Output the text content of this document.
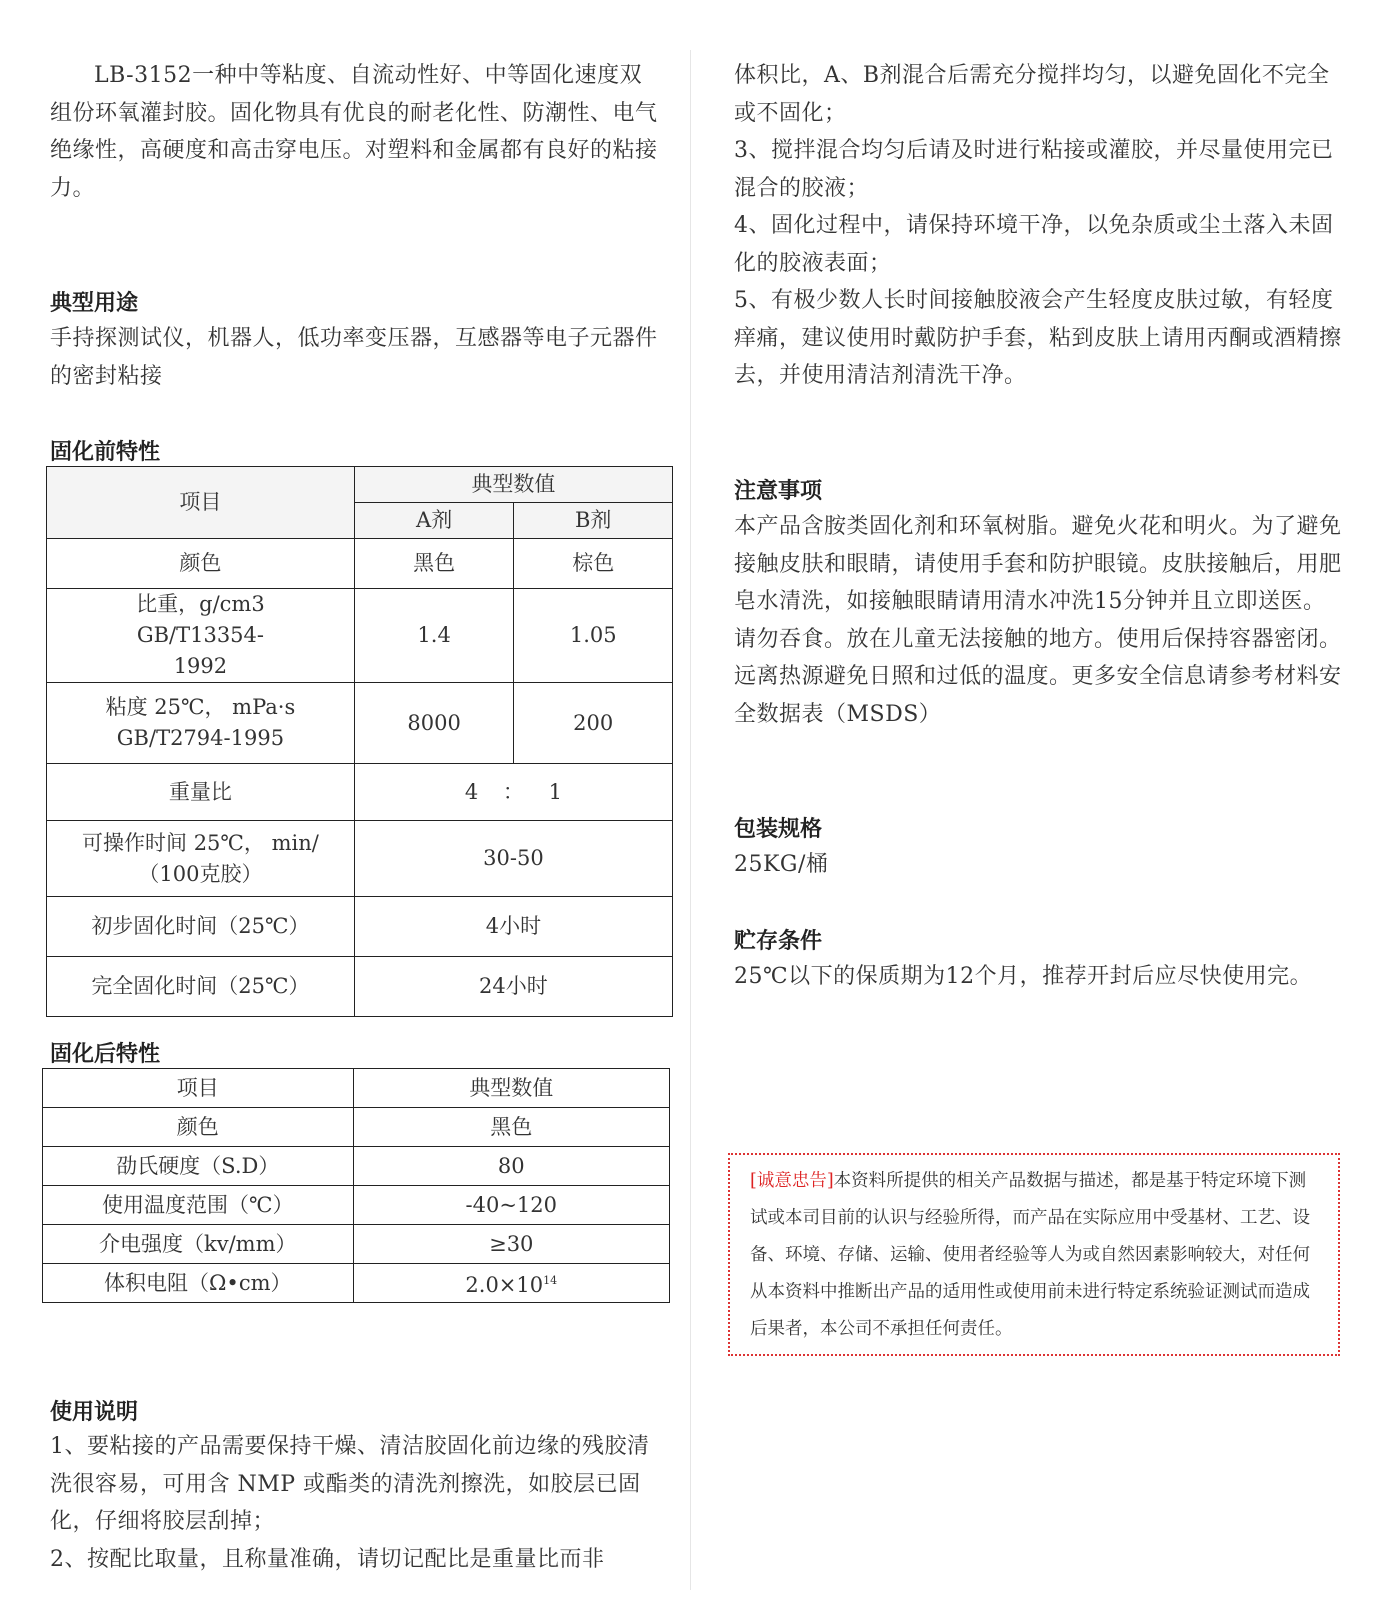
LB-3152一种中等粘度、自流动性好、中等固化速度双组份环氧灌封胶。固化物具有优良的耐老化性、防潮性、电气绝缘性，高硬度和高击穿电压。对塑料和金属都有良好的粘接力。

典型用途

手持探测试仪，机器人，低功率变压器，互感器等电子元器件的密封粘接

固化前特性

项目	典型数值	
	A剂	B剂
颜色	黑色	棕色
比重，g/cm3 GB/T13354-1992	1.4	1.05
粘度 25℃， mPa·s GB/T2794-1995	8000	200
重量比	4 ： 1	
可操作时间 25℃， min/（100克胶）	30-50	
初步固化时间（25℃）	4小时	
完全固化时间（25℃）	24小时	

固化后特性

项目	典型数值
颜色	黑色
劭氏硬度（S.D）	80
使用温度范围（℃）	-40~120
介电强度（kv/mm）	≥30
体积电阻（Ω•cm）	$2.0\times 10^{14}$

使用说明

1、要粘接的产品需要保持干燥、清洁胶固化前边缘的残胶清洗很容易，可用含 NMP 或酯类的清洗剂擦洗，如胶层已固化，仔细将胶层刮掉；
2、按配比取量，且称量准确，请切记配比是重量比而非

体积比，A、B剂混合后需充分搅拌均匀，以避免固化不完全或不固化；
3、搅拌混合均匀后请及时进行粘接或灌胶，并尽量使用完已混合的胶液；
4、固化过程中，请保持环境干净，以免杂质或尘土落入未固化的胶液表面；
5、有极少数人长时间接触胶液会产生轻度皮肤过敏，有轻度痒痛，建议使用时戴防护手套，粘到皮肤上请用丙酮或酒精擦去，并使用清洁剂清洗干净。

注意事项

本产品含胺类固化剂和环氧树脂。避免火花和明火。为了避免接触皮肤和眼睛，请使用手套和防护眼镜。皮肤接触后，用肥皂水清洗，如接触眼睛请用清水冲洗15分钟并且立即送医。请勿吞食。放在儿童无法接触的地方。使用后保持容器密闭。远离热源避免日照和过低的温度。更多安全信息请参考材料安全数据表（MSDS）

包装规格

25KG/桶

贮存条件

25℃以下的保质期为12个月，推荐开封后应尽快使用完。

[诚意忠告]本资料所提供的相关产品数据与描述，都是基于特定环境下测试或本司目前的认识与经验所得，而产品在实际应用中受基材、工艺、设备、环境、存储、运输、使用者经验等人为或自然因素影响较大，对任何从本资料中推断出产品的适用性或使用前未进行特定系统验证测试而造成后果者，本公司不承担任何责任。
